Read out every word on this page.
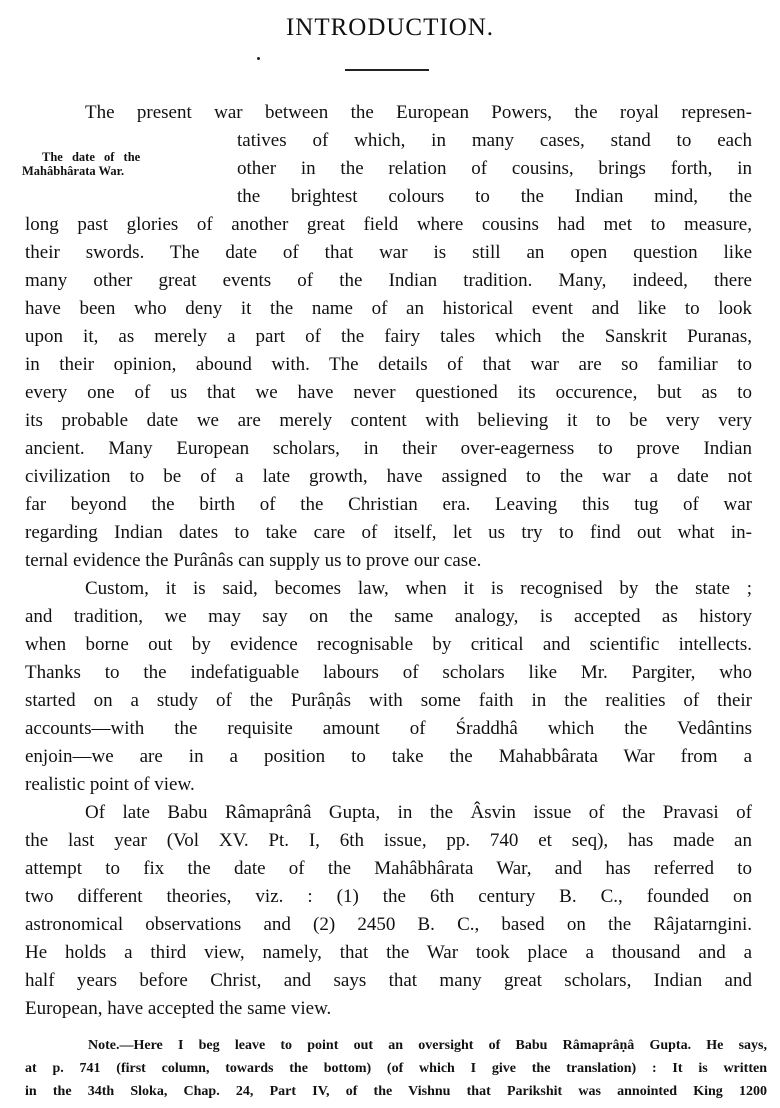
INTRODUCTION.
The date of the
Mahâbhârata War.
The present war between the European Powers, the royal represen-
tatives of which, in many cases, stand to each
other in the relation of cousins, brings forth, in
the brightest colours to the Indian mind, the
long past glories of another great field where cousins had met to measure,
their swords. The date of that war is still an open question like
many other great events of the Indian tradition. Many, indeed, there
have been who deny it the name of an historical event and like to look
upon it, as merely a part of the fairy tales which the Sanskrit Puranas,
in their opinion, abound with. The details of that war are so familiar to
every one of us that we have never questioned its occurence, but as to
its probable date we are merely content with believing it to be very very
ancient. Many European scholars, in their over-eagerness to prove Indian
civilization to be of a late growth, have assigned to the war a date not
far beyond the birth of the Christian era. Leaving this tug of war
regarding Indian dates to take care of itself, let us try to find out what in-
ternal evidence the Purânâs can supply us to prove our case.
Custom, it is said, becomes law, when it is recognised by the state ;
and tradition, we may say on the same analogy, is accepted as history
when borne out by evidence recognisable by critical and scientific intellects.
Thanks to the indefatiguable labours of scholars like Mr. Pargiter, who
started on a study of the Purâṇâs with some faith in the realities of their
accounts—with the requisite amount of Śraddhâ which the Vedântins
enjoin—we are in a position to take the Mahabbârata War from a
realistic point of view.
Of late Babu Râmaprânâ Gupta, in the Âsvin issue of the Pravasi of
the last year (Vol XV. Pt. I, 6th issue, pp. 740 et seq), has made an
attempt to fix the date of the Mahâbhârata War, and has referred to
two different theories, viz. : (1) the 6th century B. C., founded on
astronomical observations and (2) 2450 B. C., based on the Râjatarngini.
He holds a third view, namely, that the War took place a thousand and a
half years before Christ, and says that many great scholars, Indian and
European, have accepted the same view.
Note.—Here I beg leave to point out an oversight of Babu Râmaprâṇâ Gupta. He says,
at p. 741 (first column, towards the bottom) (of which I give the translation) : It is written
in the 34th Sloka, Chap. 24, Part IV, of the Vishnu that Parikshit was annointed King 1200
